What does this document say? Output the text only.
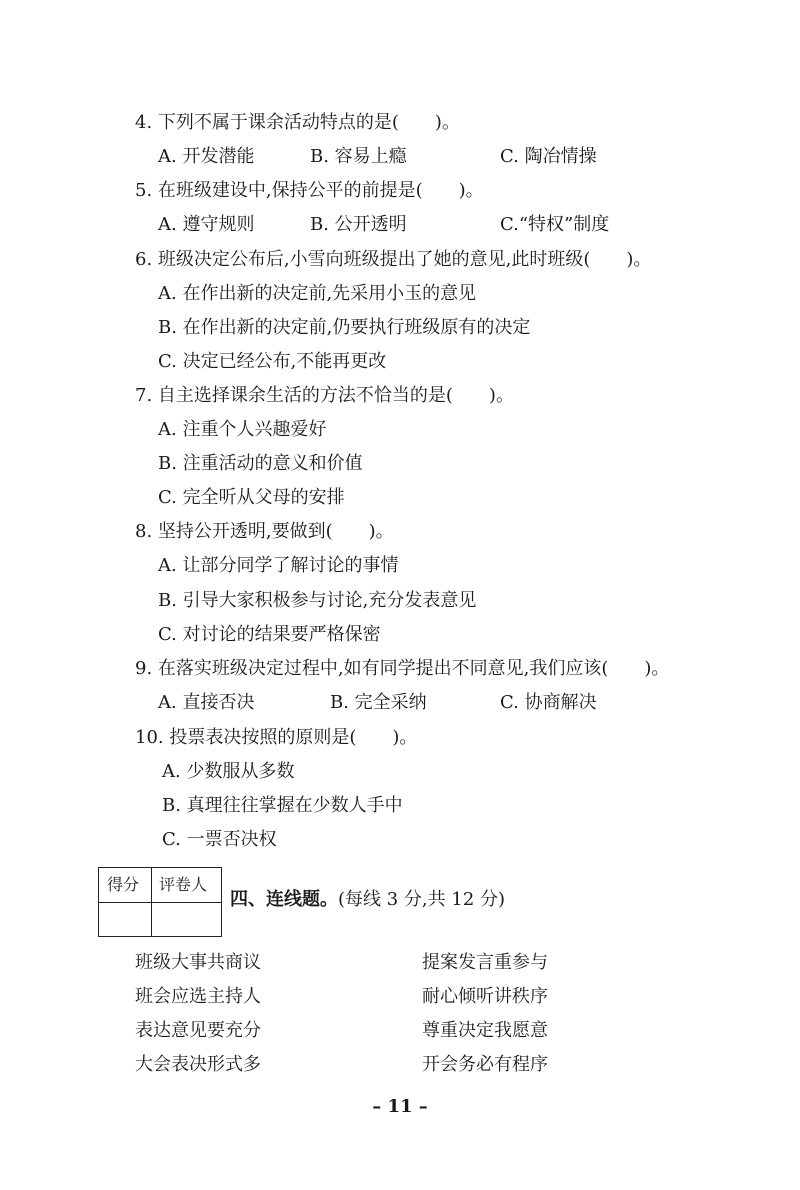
4. 下列不属于课余活动特点的是(　　)。
A. 开发潜能	B. 容易上瘾	C. 陶冶情操
5. 在班级建设中,保持公平的前提是(　　)。
A. 遵守规则	B. 公开透明	C.“特权”制度
6. 班级决定公布后,小雪向班级提出了她的意见,此时班级(　　)。
A. 在作出新的决定前,先采用小玉的意见
B. 在作出新的决定前,仍要执行班级原有的决定
C. 决定已经公布,不能再更改
7. 自主选择课余生活的方法不恰当的是(　　)。
A. 注重个人兴趣爱好
B. 注重活动的意义和价值
C. 完全听从父母的安排
8. 坚持公开透明,要做到(　　)。
A. 让部分同学了解讨论的事情
B. 引导大家积极参与讨论,充分发表意见
C. 对讨论的结果要严格保密
9. 在落实班级决定过程中,如有同学提出不同意见,我们应该(　　)。
A. 直接否决	B. 完全采纳	C. 协商解决
10. 投票表决按照的原则是(　　)。
A. 少数服从多数
B. 真理往往掌握在少数人手中
C. 一票否决权
得分 评卷人
四、连线题。(每线 3 分,共 12 分)
班级大事共商议
班会应选主持人
表达意见要充分
大会表决形式多
提案发言重参与
耐心倾听讲秩序
尊重决定我愿意
开会务必有程序
– 11 –
